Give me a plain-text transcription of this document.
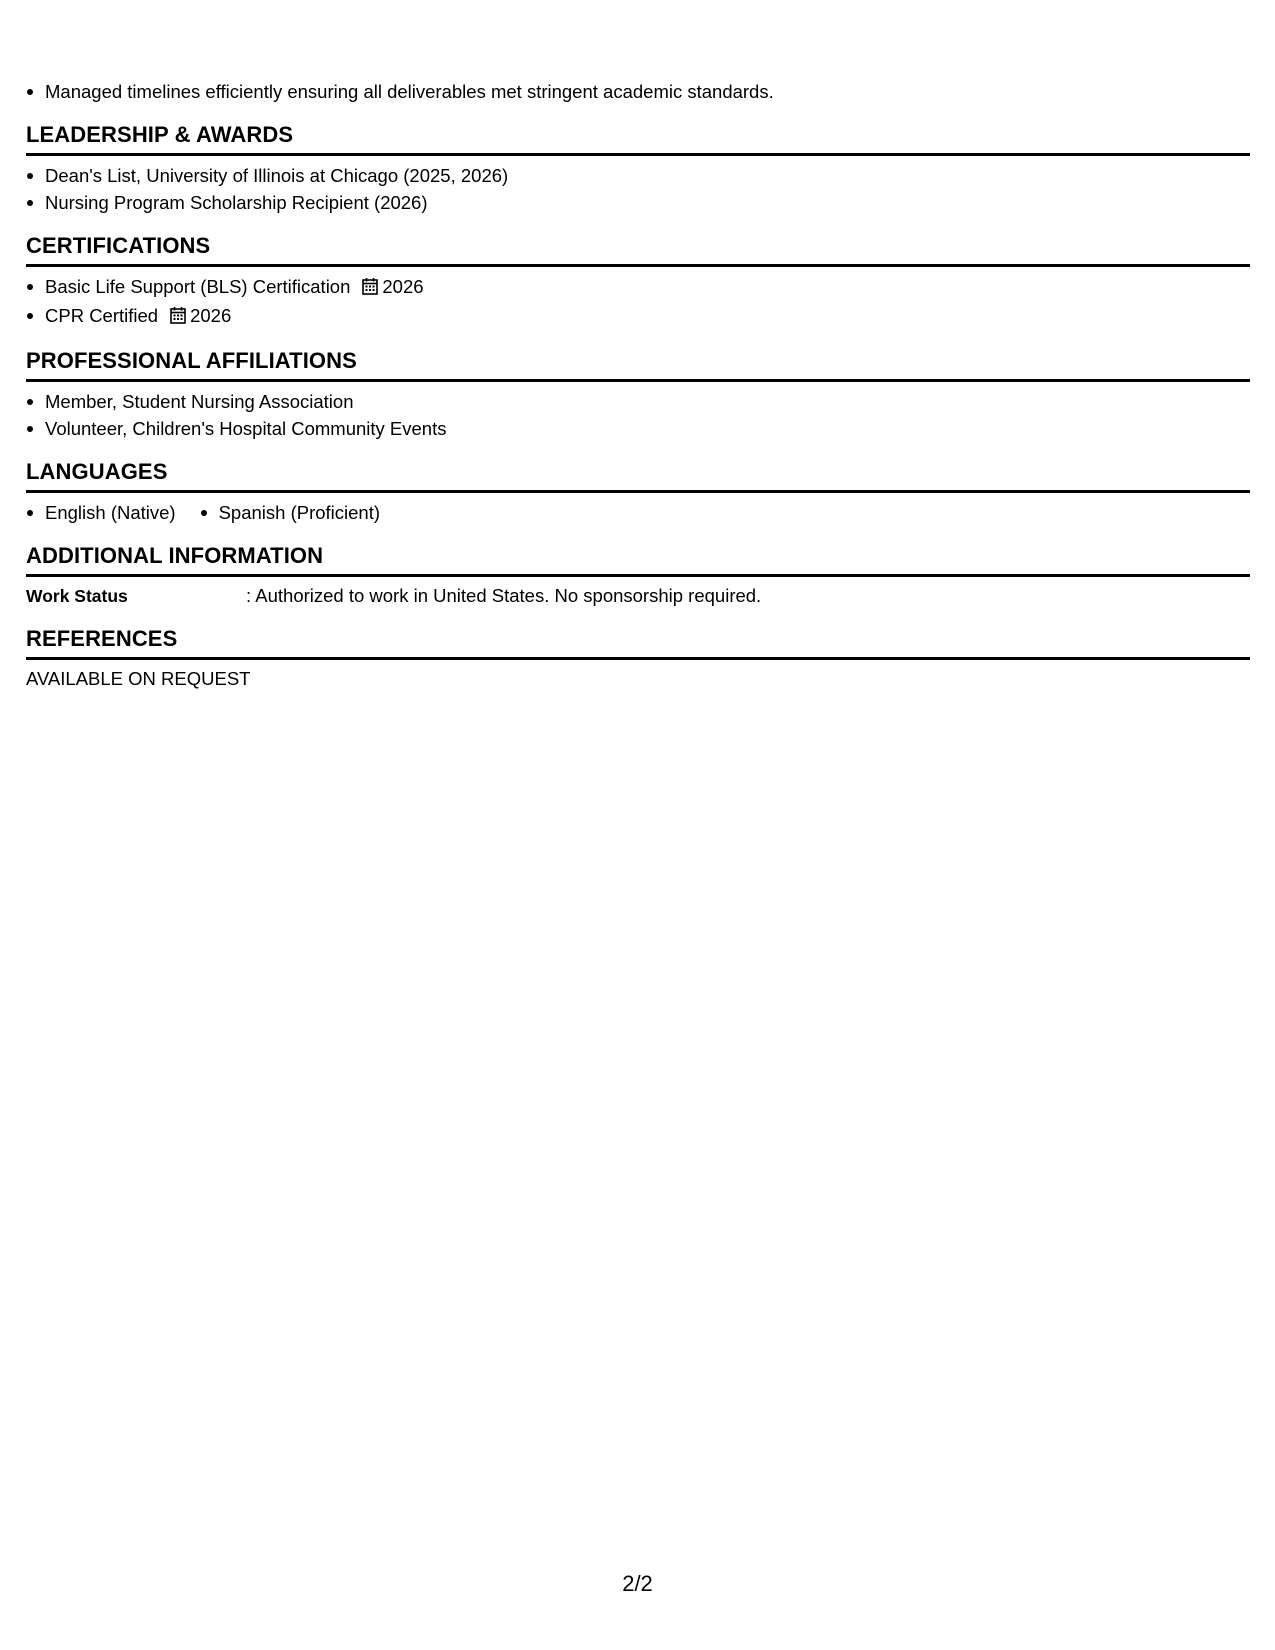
Managed timelines efficiently ensuring all deliverables met stringent academic standards.
LEADERSHIP & AWARDS
Dean's List, University of Illinois at Chicago (2025, 2026)
Nursing Program Scholarship Recipient (2026)
CERTIFICATIONS
Basic Life Support (BLS) Certification 2026
CPR Certified 2026
PROFESSIONAL AFFILIATIONS
Member, Student Nursing Association
Volunteer, Children's Hospital Community Events
LANGUAGES
English (Native)	Spanish (Proficient)
ADDITIONAL INFORMATION
Work Status	: Authorized to work in United States. No sponsorship required.
REFERENCES
AVAILABLE ON REQUEST
2/2
